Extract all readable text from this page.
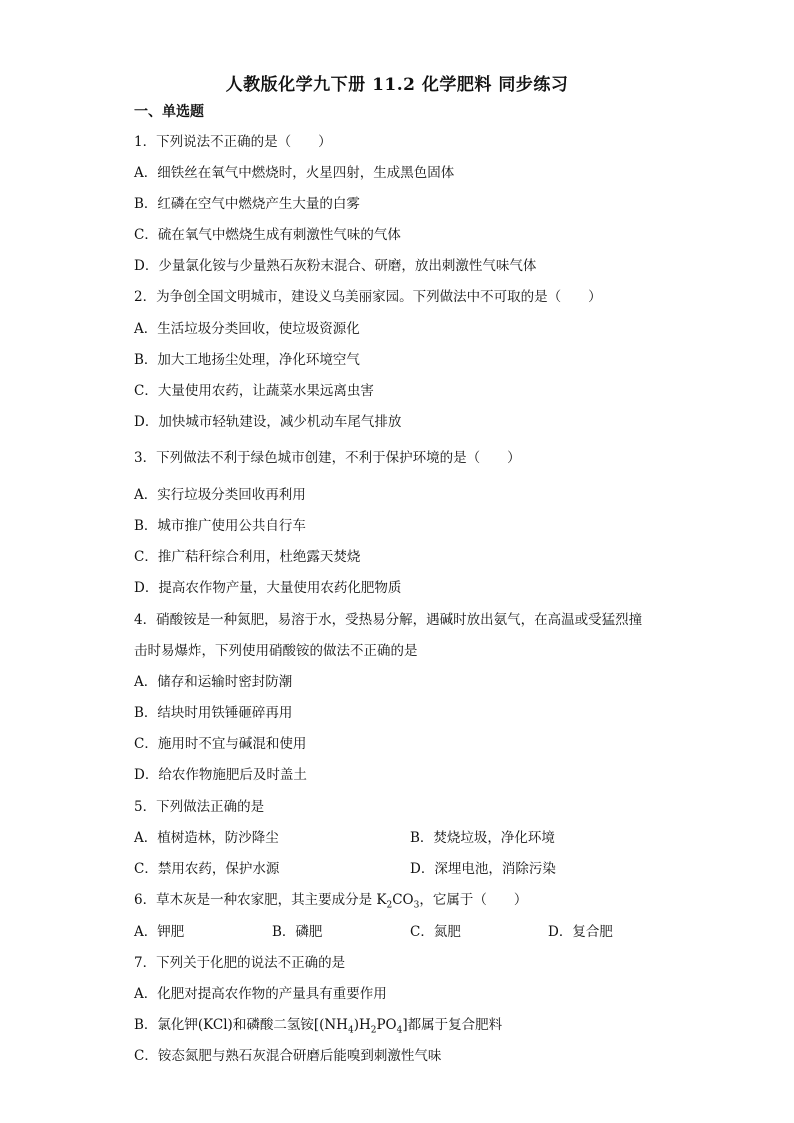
人教版化学九下册 11.2 化学肥料 同步练习
一、单选题
1．下列说法不正确的是（　　）
A．细铁丝在氧气中燃烧时，火星四射，生成黑色固体
B．红磷在空气中燃烧产生大量的白雾
C．硫在氧气中燃烧生成有刺激性气味的气体
D．少量氯化铵与少量熟石灰粉末混合、研磨，放出刺激性气味气体
2．为争创全国文明城市，建设义乌美丽家园。下列做法中不可取的是（　　）
A．生活垃圾分类回收，使垃圾资源化
B．加大工地扬尘处理，净化环境空气
C．大量使用农药，让蔬菜水果远离虫害
D．加快城市轻轨建设，减少机动车尾气排放
3．下列做法不利于绿色城市创建，不利于保护环境的是（　　）
A．实行垃圾分类回收再利用
B．城市推广使用公共自行车
C．推广秸秆综合利用，杜绝露天焚烧
D．提高农作物产量，大量使用农药化肥物质
4．硝酸铵是一种氮肥，易溶于水，受热易分解，遇碱时放出氨气，在高温或受猛烈撞
击时易爆炸，下列使用硝酸铵的做法不正确的是
A．储存和运输时密封防潮
B．结块时用铁锤砸碎再用
C．施用时不宜与碱混和使用
D．给农作物施肥后及时盖土
5．下列做法正确的是
A．植树造林，防沙降尘	B．焚烧垃圾，净化环境
C．禁用农药，保护水源	D．深埋电池，消除污染
6．草木灰是一种农家肥，其主要成分是 $K_2CO_3$，它属于（　　）
A．钾肥	B．磷肥	C．氮肥	D．复合肥
7．下列关于化肥的说法不正确的是
A．化肥对提高农作物的产量具有重要作用
B．氯化钾(KCl)和磷酸二氢铵$[(NH_4)H_2PO_4]$都属于复合肥料
C．铵态氮肥与熟石灰混合研磨后能嗅到刺激性气味
